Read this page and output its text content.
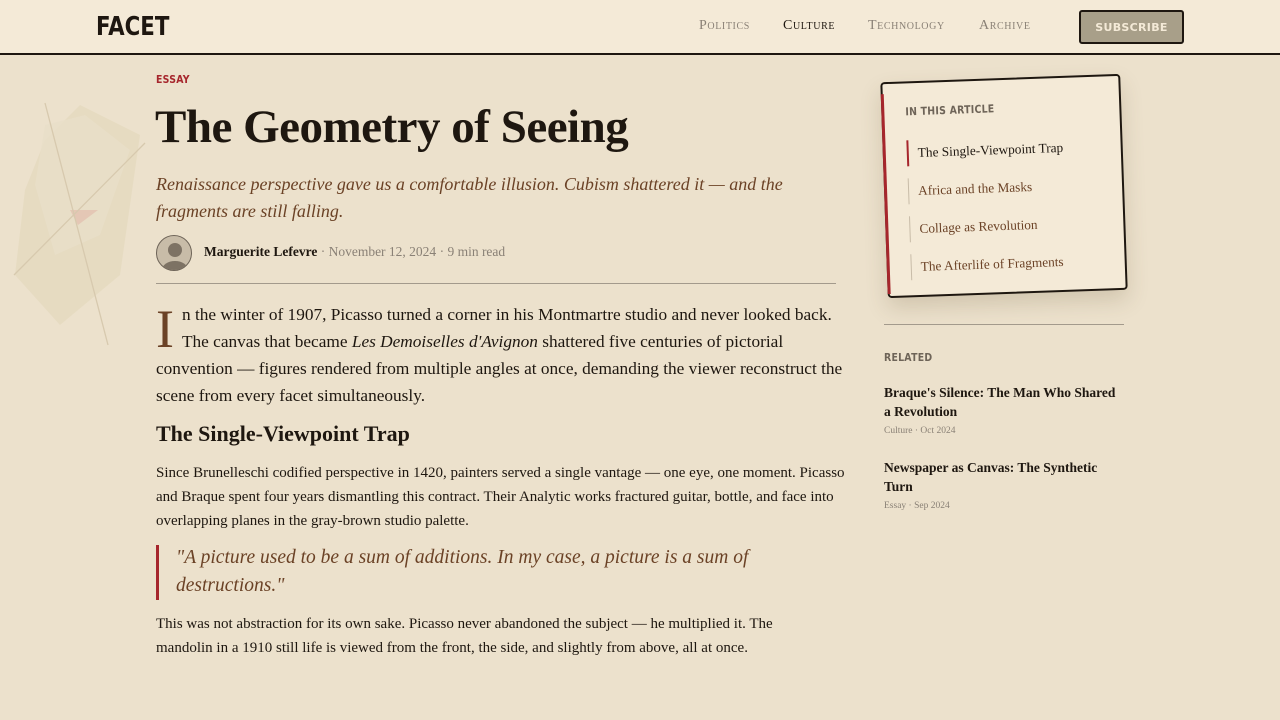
FACET	Politics Culture Technology Archive	SUBSCRIBE
ESSAY
The Geometry of Seeing
Renaissance perspective gave us a comfortable illusion. Cubism shattered it — and the fragments are still falling.
Marguerite Lefevre · November 12, 2024 · 9 min read
In the winter of 1907, Picasso turned a corner in his Montmartre studio and never looked back. The canvas that became Les Demoiselles d'Avignon shattered five centuries of pictorial convention — figures rendered from multiple angles at once, demanding the viewer reconstruct the scene from every facet simultaneously.
The Single-Viewpoint Trap

Since Brunelleschi codified perspective in 1420, painters served a single vantage — one eye, one moment. Picasso and Braque spent four years dismantling this contract. Their Analytic works fractured guitar, bottle, and face into overlapping planes in the gray-brown studio palette.

"A picture used to be a sum of additions. In my case, a picture is a sum of destructions."

This was not abstraction for its own sake. Picasso never abandoned the subject — he multiplied it. The mandolin in a 1910 still life is viewed from the front, the side, and slightly from above, all at once.

IN THIS ARTICLE
The Single-Viewpoint Trap
Africa and the Masks
Collage as Revolution
The Afterlife of Fragments
RELATED
Braque's Silence: The Man Who Shared a Revolution
Culture · Oct 2024
Newspaper as Canvas: The Synthetic Turn
Essay · Sep 2024
